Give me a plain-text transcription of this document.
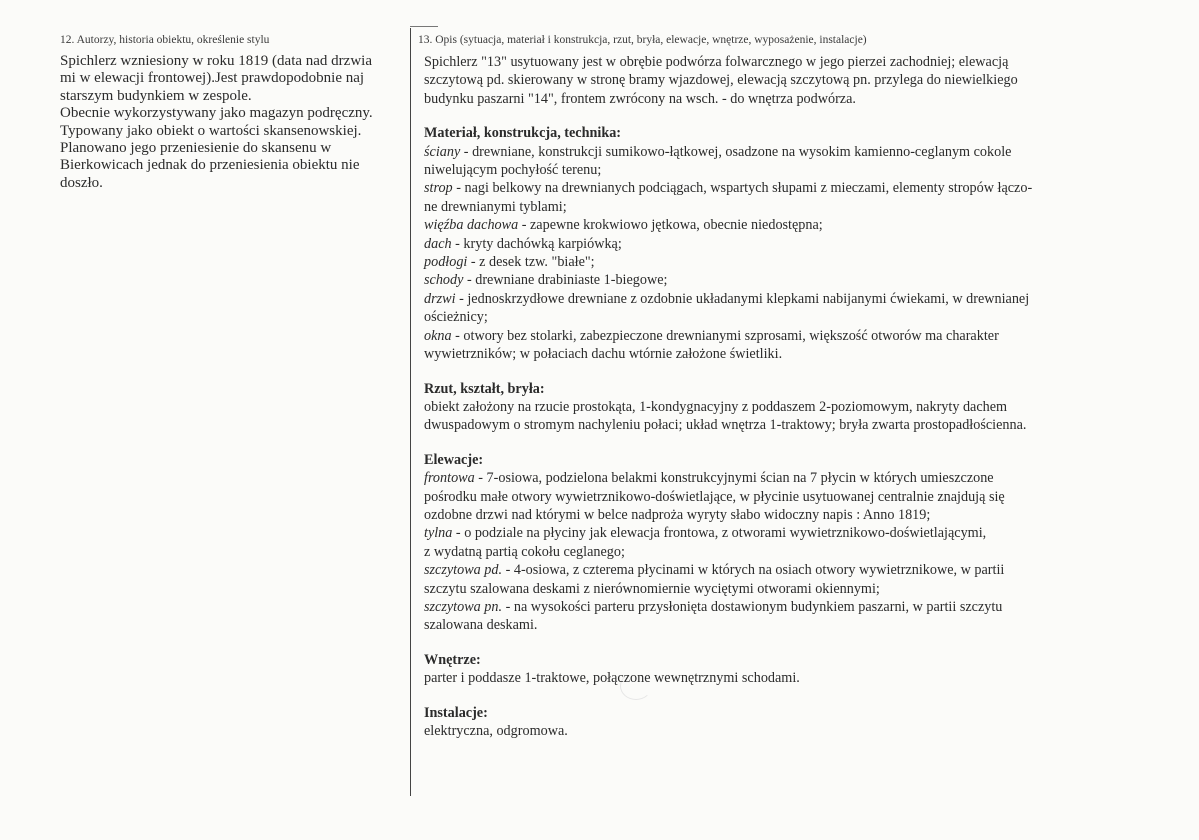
12. Autorzy, historia obiektu, określenie stylu

Spichlerz wzniesiony w roku 1819 (data nad drzwia

mi w elewacji frontowej).Jest prawdopodobnie naj

starszym budynkiem w zespole.

Obecnie wykorzystywany jako magazyn podręczny.

Typowany jako obiekt o wartości skansenowskiej.

Planowano jego przeniesienie do skansenu w

Bierkowicach jednak do przeniesienia obiektu nie

doszło.

13. Opis (sytuacja, materiał i konstrukcja, rzut, bryła, elewacje, wnętrze, wyposażenie, instalacje)

Spichlerz "13" usytuowany jest w obrębie podwórza folwarcznego w jego pierzei zachodniej; elewacją

szczytową pd. skierowany w stronę bramy wjazdowej, elewacją szczytową pn. przylega do niewielkiego

budynku paszarni "14", frontem zwrócony na wsch. - do wnętrza podwórza.

Materiał, konstrukcja, technika:

ściany - drewniane, konstrukcji sumikowo-łątkowej, osadzone na wysokim kamienno-ceglanym cokole

niwelującym pochyłość terenu;

strop - nagi belkowy na drewnianych podciągach, wspartych słupami z mieczami, elementy stropów łączo-

ne drewnianymi tyblami;

więźba dachowa - zapewne krokwiowo jętkowa, obecnie niedostępna;

dach - kryty dachówką karpiówką;

podłogi - z desek tzw. "białe";

schody - drewniane drabiniaste 1-biegowe;

drzwi - jednoskrzydłowe drewniane z ozdobnie układanymi klepkami nabijanymi ćwiekami, w drewnianej

ościeżnicy;

okna - otwory bez stolarki, zabezpieczone drewnianymi szprosami, większość otworów ma charakter

wywietrzników; w połaciach dachu wtórnie założone świetliki.

Rzut, kształt, bryła:

obiekt założony na rzucie prostokąta, 1-kondygnacyjny z poddaszem 2-poziomowym, nakryty dachem

dwuspadowym o stromym nachyleniu połaci; układ wnętrza 1-traktowy; bryła zwarta prostopadłościenna.

Elewacje:

frontowa - 7-osiowa, podzielona belakmi konstrukcyjnymi ścian na 7 płycin w których umieszczone

pośrodku małe otwory wywietrznikowo-doświetlające, w płycinie usytuowanej centralnie znajdują się

ozdobne drzwi nad którymi w belce nadproża wyryty słabo widoczny napis : Anno 1819;

tylna - o podziale na płyciny jak elewacja frontowa, z otworami wywietrznikowo-doświetlającymi,

z wydatną partią cokołu ceglanego;

szczytowa pd. - 4-osiowa, z czterema płycinami w których na osiach otwory wywietrznikowe, w partii

szczytu szalowana deskami z nierównomiernie wyciętymi otworami okiennymi;

szczytowa pn. - na wysokości parteru przysłonięta dostawionym budynkiem paszarni, w partii szczytu

szalowana deskami.

Wnętrze:

parter i poddasze 1-traktowe, połączone wewnętrznymi schodami.

Instalacje:

elektryczna, odgromowa.
